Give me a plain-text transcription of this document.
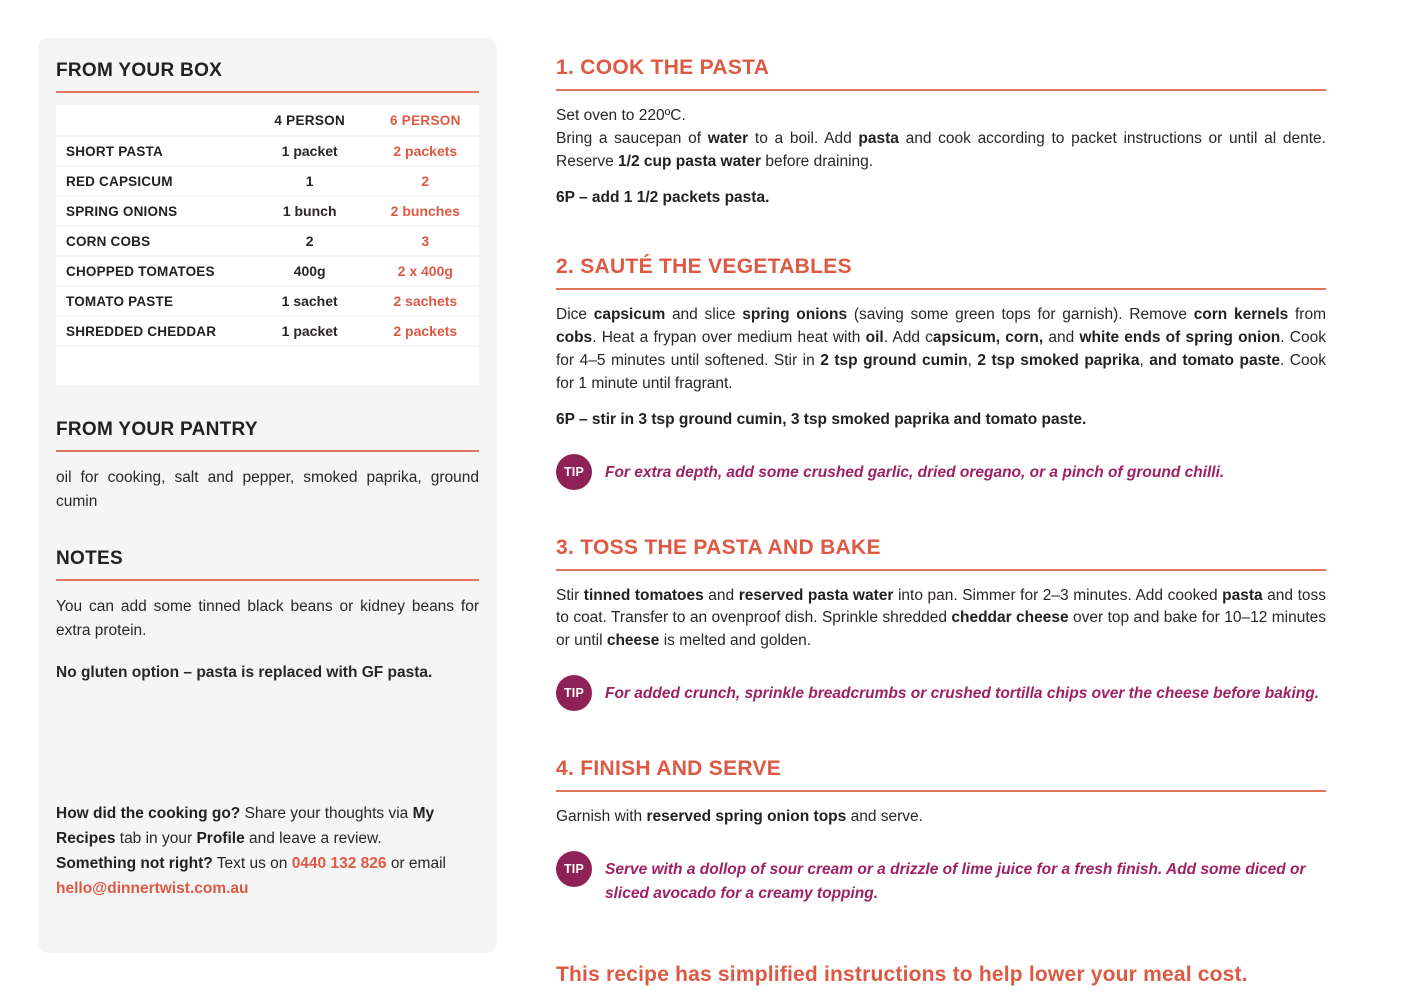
FROM YOUR BOX
4 PERSON	6 PERSON
SHORT PASTA	1 packet	2 packets
RED CAPSICUM	1	2
SPRING ONIONS	1 bunch	2 bunches
CORN COBS	2	3
CHOPPED TOMATOES	400g	2 x 400g
TOMATO PASTE	1 sachet	2 sachets
SHREDDED CHEDDAR	1 packet	2 packets
FROM YOUR PANTRY

oil for cooking, salt and pepper, smoked paprika, ground cumin

NOTES

You can add some tinned black beans or kidney beans for extra protein.

No gluten option – pasta is replaced with GF pasta.

How did the cooking go? Share your thoughts via My Recipes tab in your Profile and leave a review.

Something not right? Text us on 0440 132 826 or email hello@dinnertwist.com.au

1. COOK THE PASTA

Set oven to 220ºC.

Bring a saucepan of water to a boil. Add pasta and cook according to packet instructions or until al dente. Reserve 1/2 cup pasta water before draining.

6P – add 1 1/2 packets pasta.

2. SAUTÉ THE VEGETABLES

Dice capsicum and slice spring onions (saving some green tops for garnish). Remove corn kernels from cobs. Heat a frypan over medium heat with oil. Add capsicum, corn, and white ends of spring onion. Cook for 4–5 minutes until softened. Stir in 2 tsp ground cumin, 2 tsp smoked paprika, and tomato paste. Cook for 1 minute until fragrant.

6P – stir in 3 tsp ground cumin, 3 tsp smoked paprika and tomato paste.

TIP	For extra depth, add some crushed garlic, dried oregano, or a pinch of ground chilli.

3. TOSS THE PASTA AND BAKE

Stir tinned tomatoes and reserved pasta water into pan. Simmer for 2–3 minutes. Add cooked pasta and toss to coat. Transfer to an ovenproof dish. Sprinkle shredded cheddar cheese over top and bake for 10–12 minutes or until cheese is melted and golden.

TIP	For added crunch, sprinkle breadcrumbs or crushed tortilla chips over the cheese before baking.

4. FINISH AND SERVE

Garnish with reserved spring onion tops and serve.

TIP	Serve with a dollop of sour cream or a drizzle of lime juice for a fresh finish. Add some diced or sliced avocado for a creamy topping.

This recipe has simplified instructions to help lower your meal cost.
